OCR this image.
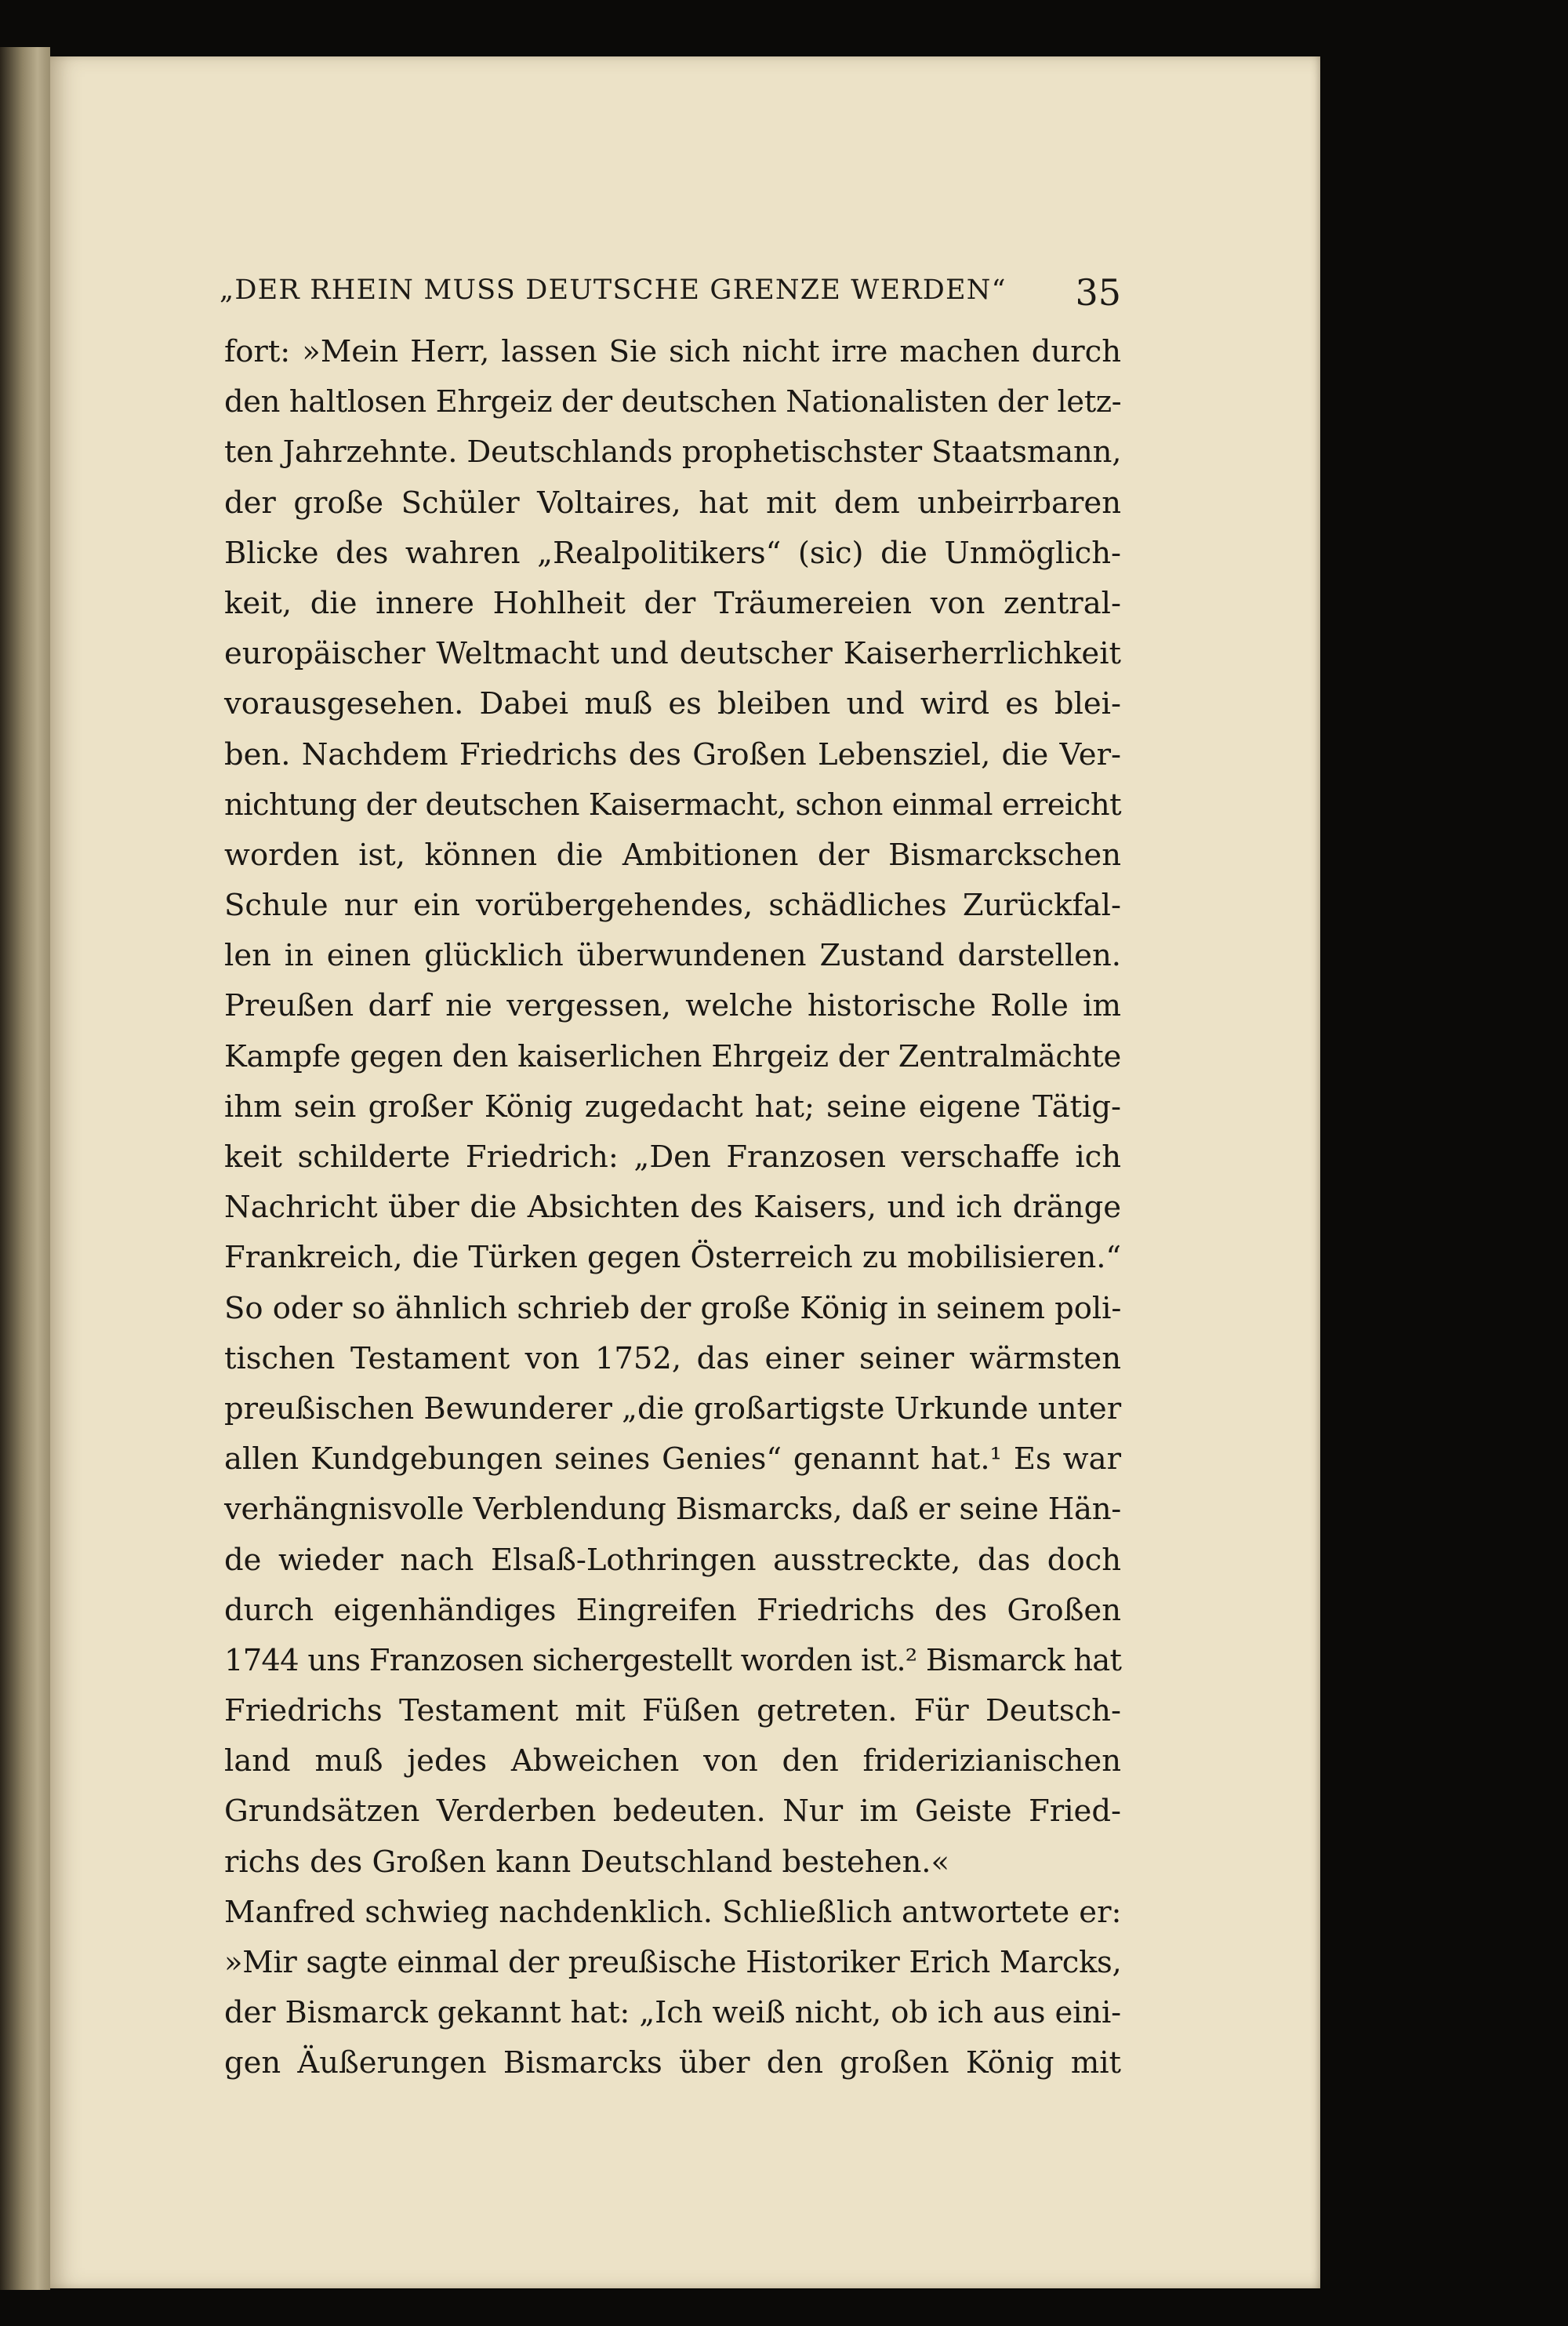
„DER RHEIN MUSS DEUTSCHE GRENZE WERDEN“ 35
fort: »Mein Herr, lassen Sie sich nicht irre machen durch
den haltlosen Ehrgeiz der deutschen Nationalisten der letz-
ten Jahrzehnte. Deutschlands prophetischster Staatsmann,
der große Schüler Voltaires, hat mit dem unbeirrbaren
Blicke des wahren „Realpolitikers“ (sic) die Unmöglich-
keit, die innere Hohlheit der Träumereien von zentral-
europäischer Weltmacht und deutscher Kaiserherrlichkeit
vorausgesehen. Dabei muß es bleiben und wird es blei-
ben. Nachdem Friedrichs des Großen Lebensziel, die Ver-
nichtung der deutschen Kaisermacht, schon einmal erreicht
worden ist, können die Ambitionen der Bismarckschen
Schule nur ein vorübergehendes, schädliches Zurückfal-
len in einen glücklich überwundenen Zustand darstellen.
Preußen darf nie vergessen, welche historische Rolle im
Kampfe gegen den kaiserlichen Ehrgeiz der Zentralmächte
ihm sein großer König zugedacht hat; seine eigene Tätig-
keit schilderte Friedrich: „Den Franzosen verschaffe ich
Nachricht über die Absichten des Kaisers, und ich dränge
Frankreich, die Türken gegen Österreich zu mobilisieren.“
So oder so ähnlich schrieb der große König in seinem poli-
tischen Testament von 1752, das einer seiner wärmsten
preußischen Bewunderer „die großartigste Urkunde unter
allen Kundgebungen seines Genies“ genannt hat.¹ Es war
verhängnisvolle Verblendung Bismarcks, daß er seine Hän-
de wieder nach Elsaß-Lothringen ausstreckte, das doch
durch eigenhändiges Eingreifen Friedrichs des Großen
1744 uns Franzosen sichergestellt worden ist.² Bismarck hat
Friedrichs Testament mit Füßen getreten. Für Deutsch-
land muß jedes Abweichen von den friderizianischen
Grundsätzen Verderben bedeuten. Nur im Geiste Fried-
richs des Großen kann Deutschland bestehen.«
Manfred schwieg nachdenklich. Schließlich antwortete er:
»Mir sagte einmal der preußische Historiker Erich Marcks,
der Bismarck gekannt hat: „Ich weiß nicht, ob ich aus eini-
gen Äußerungen Bismarcks über den großen König mit
